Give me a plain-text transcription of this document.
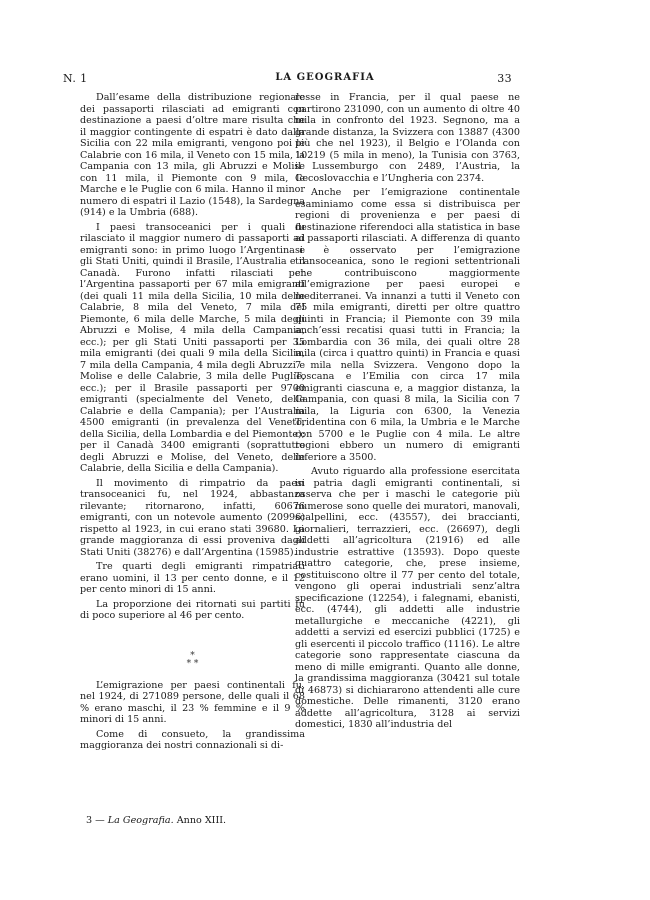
N. 1	LA GEOGRAFIA	33

Dall’esame della distribuzione regionale dei passaporti rilasciati ad emigranti con destinazione a paesi d’oltre mare risulta che il maggior contingente di espatri è dato dalla Sicilia con 22 mila emigranti, vengono poi le Calabrie con 16 mila, il Veneto con 15 mila, la Campania con 13 mila, gli Abruzzi e Molise con 11 mila, il Piemonte con 9 mila, le Marche e le Puglie con 6 mila. Hanno il minor numero di espatri il Lazio (1548), la Sardegna (914) e la Umbria (688).

I paesi transoceanici per i quali fu rilasciato il maggior numero di passaporti ad emigranti sono: in primo luogo l’Argentina e gli Stati Uniti, quindi il Brasile, l’Australia e il Canadà. Furono infatti rilasciati per l’Argentina passaporti per 67 mila emigranti (dei quali 11 mila della Sicilia, 10 mila delle Calabrie, 8 mila del Veneto, 7 mila del Piemonte, 6 mila delle Marche, 5 mila degli Abruzzi e Molise, 4 mila della Campania, ecc.); per gli Stati Uniti passaporti per 35 mila emigranti (dei quali 9 mila della Sicilia, 7 mila della Campania, 4 mila degli Abruzzi e Molise e delle Calabrie, 3 mila delle Puglie, ecc.); per il Brasile passaporti per 9700 emigranti (specialmente del Veneto, delle Calabrie e della Campania); per l’Australia 4500 emigranti (in prevalenza del Veneto, della Sicilia, della Lombardia e del Piemonte); per il Canadà 3400 emigranti (soprattutto degli Abruzzi e Molise, del Veneto, delle Calabrie, della Sicilia e della Campania).

Il movimento di rimpatrio da paesi transoceanici fu, nel 1924, abbastanza rilevante; ritornarono, infatti, 60676 emigranti, con un notevole aumento (20996) rispetto al 1923, in cui erano stati 39680. La grande maggioranza di essi proveniva dagli Stati Uniti (38276) e dall’Argentina (15985).

Tre quarti degli emigranti rimpatriati erano uomini, il 13 per cento donne, e il 12 per cento minori di 15 anni.

La proporzione dei ritornati sui partiti fu di poco superiore al 46 per cento.

*
* *

L’emigrazione per paesi continentali fu, nel 1924, di 271089 persone, delle quali il 68 % erano maschi, il 23 % femmine e il 9 % minori di 15 anni.

Come di consueto, la grandissima maggioranza dei nostri connazionali si di-

resse in Francia, per il qual paese ne partirono 231090, con un aumento di oltre 40 mila in confronto del 1923. Segnono, ma a grande distanza, la Svizzera con 13887 (4300 più che nel 1923), il Belgio e l’Olanda con 10219 (5 mila in meno), la Tunisia con 3763, il Lussemburgo con 2489, l’Austria, la Cecoslovacchia e l’Ungheria con 2374.

Anche per l’emigrazione continentale esaminiamo come essa si distribuisca per regioni di provenienza e per paesi di destinazione riferendoci alla statistica in base ai passaporti rilasciati. A differenza di quanto si è osservato per l’emigrazione transoceanica, sono le regioni settentrionali che contribuiscono maggiormente all’emigrazione per paesi europei e mediterranei. Va innanzi a tutti il Veneto con 75 mila emigranti, diretti per oltre quattro quinti in Francia; il Piemonte con 39 mila anch’essi recatisi quasi tutti in Francia; la Lombardia con 36 mila, dei quali oltre 28 mila (circa i quattro quinti) in Francia e quasi 7 mila nella Svizzera. Vengono dopo la Toscana e l’Emilia con circa 17 mila emigranti ciascuna e, a maggior distanza, la Campania, con quasi 8 mila, la Sicilia con 7 mila, la Liguria con 6300, la Venezia Tridentina con 6 mila, la Umbria e le Marche con 5700 e le Puglie con 4 mila. Le altre regioni ebbero un numero di emigranti inferiore a 3500.

Avuto riguardo alla professione esercitata in patria dagli emigranti continentali, si osserva che per i maschi le categorie più numerose sono quelle dei muratori, manovali, scalpellini, ecc. (43557), dei braccianti, giornalieri, terrazzieri, ecc. (26697), degli addetti all’agricoltura (21916) ed alle industrie estrattive (13593). Dopo queste quattro categorie, che, prese insieme, costituiscono oltre il 77 per cento del totale, vengono gli operai industriali senz’altra specificazione (12254), i falegnami, ebanisti, ecc. (4744), gli addetti alle industrie metallurgiche e meccaniche (4221), gli addetti a servizi ed esercizi pubblici (1725) e gli esercenti il piccolo traffico (1116). Le altre categorie sono rappresentate ciascuna da meno di mille emigranti. Quanto alle donne, la grandissima maggioranza (30421 sul totale di 46873) si dichiararono attendenti alle cure domestiche. Delle rimanenti, 3120 erano addette all’agricoltura, 3128 ai servizi domestici, 1830 all’industria del

3 — La Geografia. Anno XIII.
